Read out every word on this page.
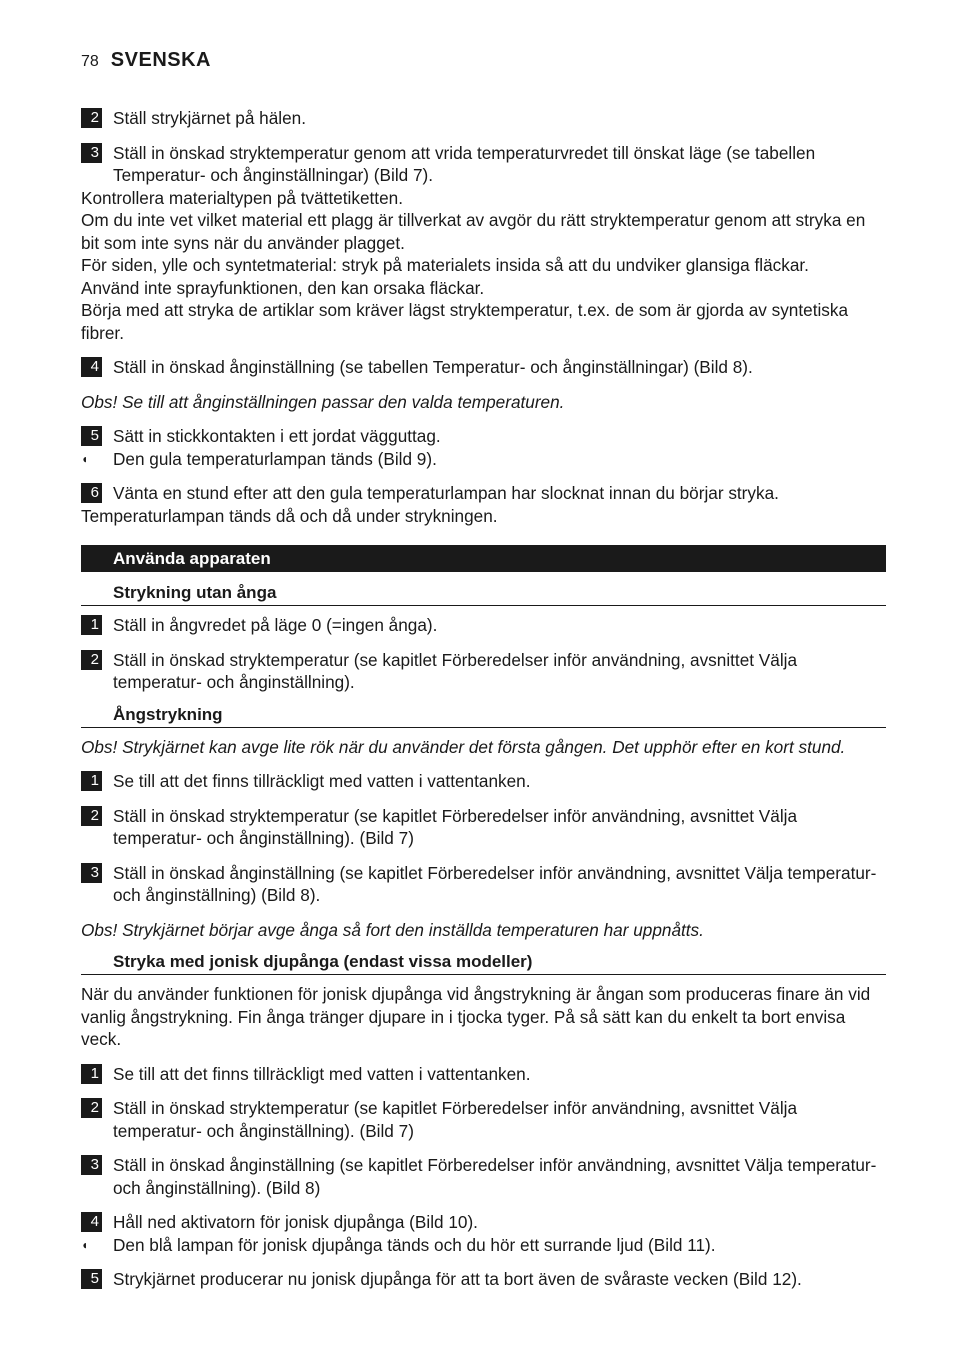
78 SVENSKA
2 Ställ strykjärnet på hälen.
3 Ställ in önskad stryktemperatur genom att vrida temperaturvredet till önskat läge (se tabellen Temperatur- och ånginställningar) (Bild 7).

Kontrollera materialtypen på tvättetiketten.

Om du inte vet vilket material ett plagg är tillverkat av avgör du rätt stryktemperatur genom att stryka en bit som inte syns när du använder plagget.

För siden, ylle och syntetmaterial: stryk på materialets insida så att du undviker glansiga fläckar.

Använd inte sprayfunktionen, den kan orsaka fläckar.

Börja med att stryka de artiklar som kräver lägst stryktemperatur, t.ex. de som är gjorda av syntetiska fibrer.

4 Ställ in önskad ånginställning (se tabellen Temperatur- och ånginställningar) (Bild 8).

Obs! Se till att ånginställningen passar den valda temperaturen.

5 Sätt in stickkontakten i ett jordat vägguttag.
◖	Den gula temperaturlampan tänds (Bild 9).
6 Vänta en stund efter att den gula temperaturlampan har slocknat innan du börjar stryka.

Temperaturlampan tänds då och då under strykningen.

Använda apparaten
Strykning utan ånga
1 Ställ in ångvredet på läge 0 (=ingen ånga).
2 Ställ in önskad stryktemperatur (se kapitlet Förberedelser inför användning, avsnittet Välja temperatur- och ånginställning).
Ångstrykning

Obs! Strykjärnet kan avge lite rök när du använder det första gången. Det upphör efter en kort stund.

1 Se till att det finns tillräckligt med vatten i vattentanken.
2 Ställ in önskad stryktemperatur (se kapitlet Förberedelser inför användning, avsnittet Välja temperatur- och ånginställning). (Bild 7)
3 Ställ in önskad ånginställning (se kapitlet Förberedelser inför användning, avsnittet Välja temperatur- och ånginställning) (Bild 8).

Obs! Strykjärnet börjar avge ånga så fort den inställda temperaturen har uppnåtts.

Stryka med jonisk djupånga (endast vissa modeller)

När du använder funktionen för jonisk djupånga vid ångstrykning är ångan som produceras finare än vid vanlig ångstrykning. Fin ånga tränger djupare in i tjocka tyger. På så sätt kan du enkelt ta bort envisa veck.

1 Se till att det finns tillräckligt med vatten i vattentanken.
2 Ställ in önskad stryktemperatur (se kapitlet Förberedelser inför användning, avsnittet Välja temperatur- och ånginställning). (Bild 7)
3 Ställ in önskad ånginställning (se kapitlet Förberedelser inför användning, avsnittet Välja temperatur- och ånginställning). (Bild 8)
4 Håll ned aktivatorn för jonisk djupånga (Bild 10).
◖	Den blå lampan för jonisk djupånga tänds och du hör ett surrande ljud (Bild 11).
5 Strykjärnet producerar nu jonisk djupånga för att ta bort även de svåraste vecken (Bild 12).
